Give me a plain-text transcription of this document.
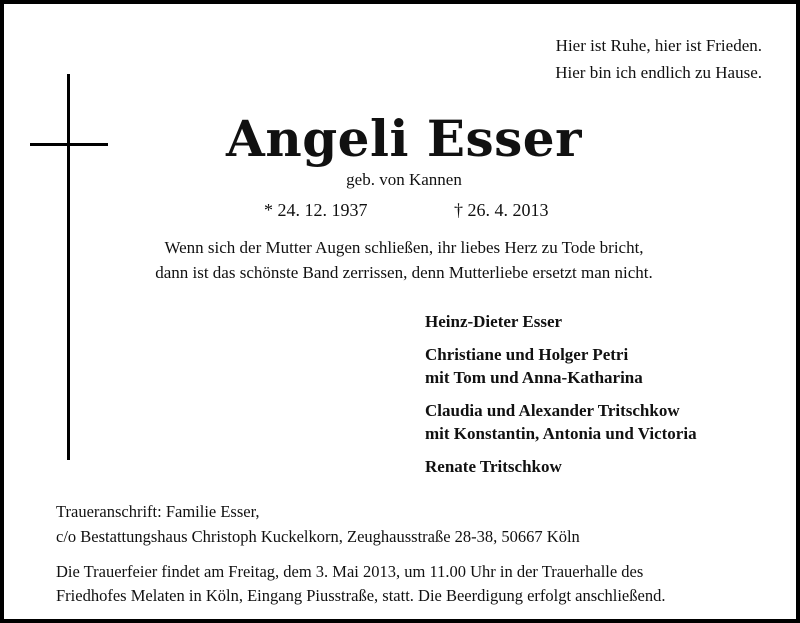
Hier ist Ruhe, hier ist Frieden.
Hier bin ich endlich zu Hause.
Angeli Esser
geb. von Kannen
* 24. 12. 1937	† 26. 4. 2013
Wenn sich der Mutter Augen schließen, ihr liebes Herz zu Tode bricht,
dann ist das schönste Band zerrissen, denn Mutterliebe ersetzt man nicht.
Heinz-Dieter Esser
Christiane und Holger Petri
mit Tom und Anna-Katharina
Claudia und Alexander Tritschkow
mit Konstantin, Antonia und Victoria
Renate Tritschkow
Traueranschrift: Familie Esser,
c/o Bestattungshaus Christoph Kuckelkorn, Zeughausstraße 28-38, 50667 Köln
Die Trauerfeier findet am Freitag, dem 3. Mai 2013, um 11.00 Uhr in der Trauerhalle des
Friedhofes Melaten in Köln, Eingang Piusstraße, statt. Die Beerdigung erfolgt anschließend.
